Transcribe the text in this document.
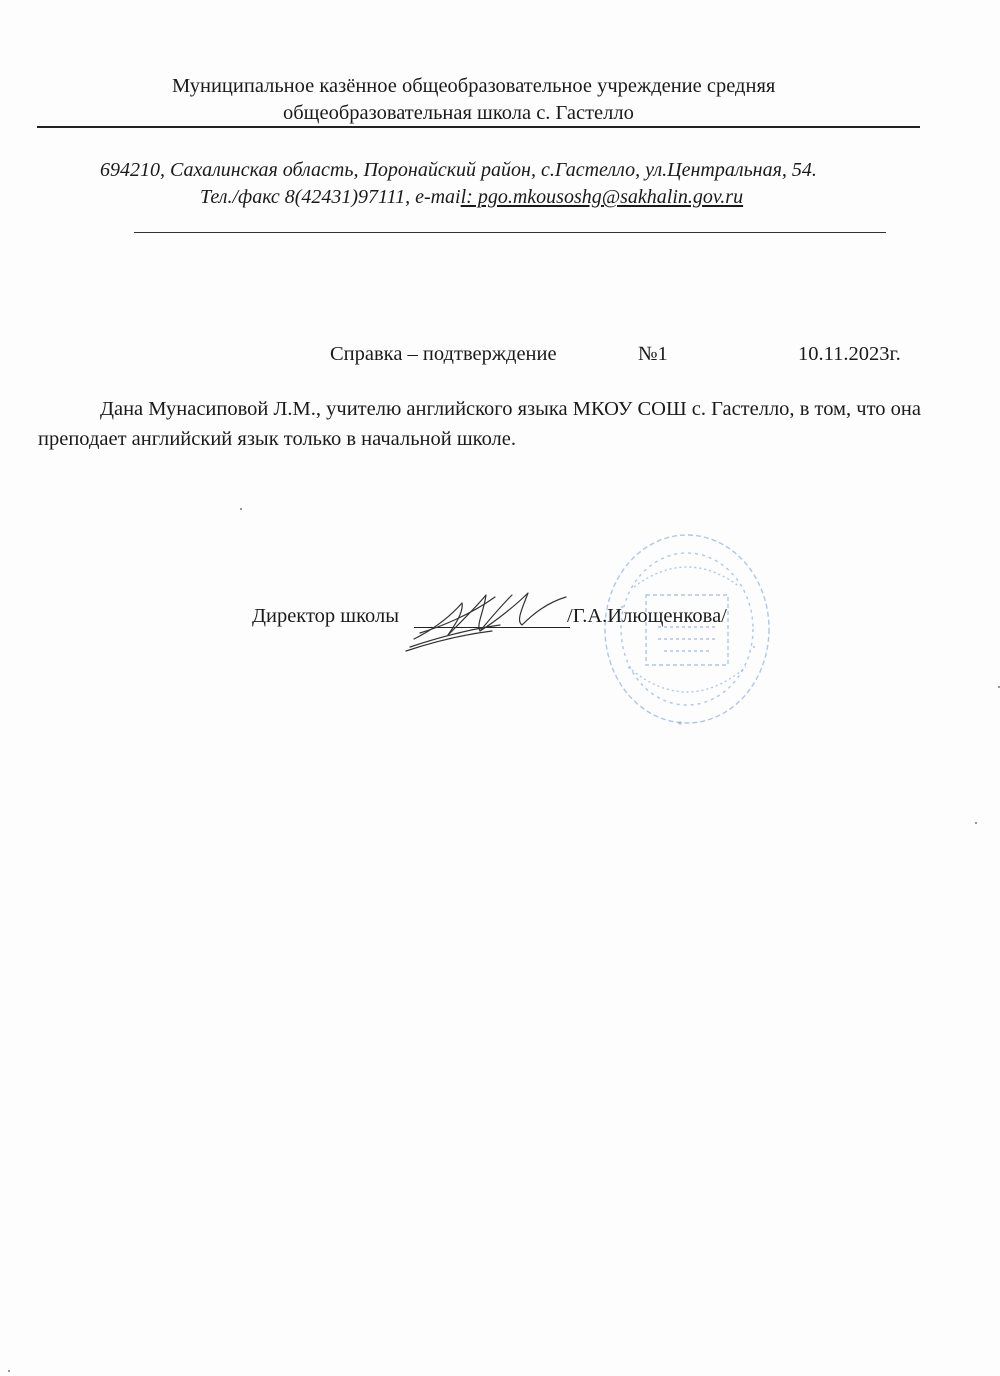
Муниципальное казённое общеобразовательное учреждение средняя
общеобразовательная школа с. Гастелло
694210, Сахалинская область, Поронайский район, с.Гастелло, ул.Центральная, 54.
Тел./факс 8(42431)97111, e-mail: pgo.mkousoshg@sakhalin.gov.ru
Справка – подтверждение	№1	10.11.2023г.
Дана Мунасиповой Л.М., учителю английского языка МКОУ СОШ с. Гастелло, в том, что она преподает английский язык только в начальной школе.
Директор школы	/Г.А.Илющенкова/
